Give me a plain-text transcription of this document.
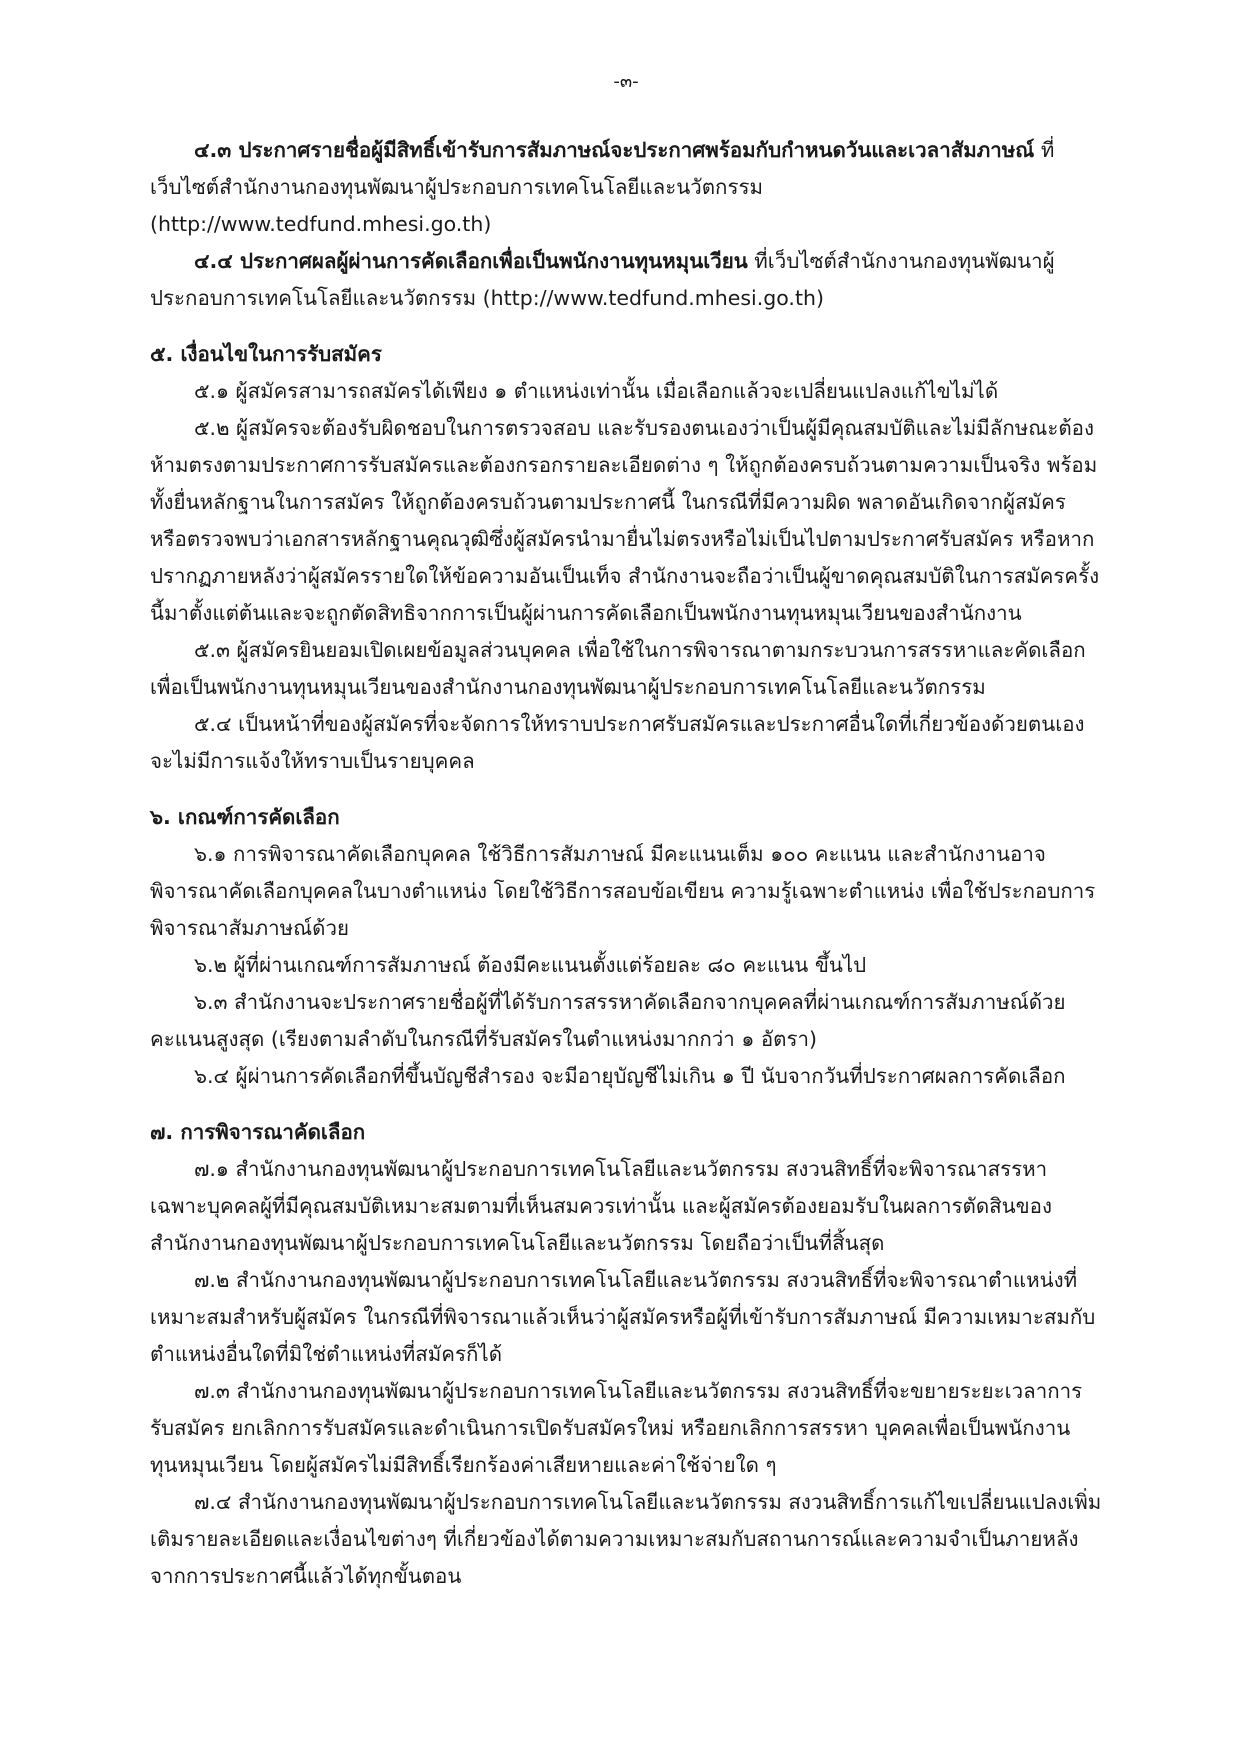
-๓-

๔.๓ ประกาศรายชื่อผู้มีสิทธิ์เข้ารับการสัมภาษณ์จะประกาศพร้อมกับกำหนดวันและเวลาสัมภาษณ์ ที่เว็บไซต์สำนักงานกองทุนพัฒนาผู้ประกอบการเทคโนโลยีและนวัตกรรม (http://www.tedfund.mhesi.go.th)

๔.๔ ประกาศผลผู้ผ่านการคัดเลือกเพื่อเป็นพนักงานทุนหมุนเวียน ที่เว็บไซต์สำนักงานกองทุนพัฒนาผู้ประกอบการเทคโนโลยีและนวัตกรรม (http://www.tedfund.mhesi.go.th)

๕. เงื่อนไขในการรับสมัคร

๕.๑ ผู้สมัครสามารถสมัครได้เพียง ๑ ตำแหน่งเท่านั้น เมื่อเลือกแล้วจะเปลี่ยนแปลงแก้ไขไม่ได้

๕.๒ ผู้สมัครจะต้องรับผิดชอบในการตรวจสอบ และรับรองตนเองว่าเป็นผู้มีคุณสมบัติและไม่มีลักษณะต้องห้ามตรงตามประกาศการรับสมัครและต้องกรอกรายละเอียดต่าง ๆ ให้ถูกต้องครบถ้วนตามความเป็นจริง พร้อมทั้งยื่นหลักฐานในการสมัคร ให้ถูกต้องครบถ้วนตามประกาศนี้ ในกรณีที่มีความผิด พลาดอันเกิดจากผู้สมัคร หรือตรวจพบว่าเอกสารหลักฐานคุณวุฒิซึ่งผู้สมัครนำมายื่นไม่ตรงหรือไม่เป็นไปตามประกาศรับสมัคร หรือหากปรากฏภายหลังว่าผู้สมัครรายใดให้ข้อความอันเป็นเท็จ สำนักงานจะถือว่าเป็นผู้ขาดคุณสมบัติในการสมัครครั้งนี้มาตั้งแต่ต้นและจะถูกตัดสิทธิจากการเป็นผู้ผ่านการคัดเลือกเป็นพนักงานทุนหมุนเวียนของสำนักงาน

๕.๓ ผู้สมัครยินยอมเปิดเผยข้อมูลส่วนบุคคล เพื่อใช้ในการพิจารณาตามกระบวนการสรรหาและคัดเลือกเพื่อเป็นพนักงานทุนหมุนเวียนของสำนักงานกองทุนพัฒนาผู้ประกอบการเทคโนโลยีและนวัตกรรม

๕.๔ เป็นหน้าที่ของผู้สมัครที่จะจัดการให้ทราบประกาศรับสมัครและประกาศอื่นใดที่เกี่ยวข้องด้วยตนเอง จะไม่มีการแจ้งให้ทราบเป็นรายบุคคล

๖. เกณฑ์การคัดเลือก

๖.๑ การพิจารณาคัดเลือกบุคคล ใช้วิธีการสัมภาษณ์ มีคะแนนเต็ม ๑๐๐ คะแนน และสำนักงานอาจพิจารณาคัดเลือกบุคคลในบางตำแหน่ง โดยใช้วิธีการสอบข้อเขียน ความรู้เฉพาะตำแหน่ง เพื่อใช้ประกอบการพิจารณาสัมภาษณ์ด้วย

๖.๒ ผู้ที่ผ่านเกณฑ์การสัมภาษณ์ ต้องมีคะแนนตั้งแต่ร้อยละ ๘๐ คะแนน ขึ้นไป

๖.๓ สำนักงานจะประกาศรายชื่อผู้ที่ได้รับการสรรหาคัดเลือกจากบุคคลที่ผ่านเกณฑ์การสัมภาษณ์ด้วยคะแนนสูงสุด (เรียงตามลำดับในกรณีที่รับสมัครในตำแหน่งมากกว่า ๑ อัตรา)

๖.๔ ผู้ผ่านการคัดเลือกที่ขึ้นบัญชีสำรอง จะมีอายุบัญชีไม่เกิน ๑ ปี นับจากวันที่ประกาศผลการคัดเลือก

๗. การพิจารณาคัดเลือก

๗.๑ สำนักงานกองทุนพัฒนาผู้ประกอบการเทคโนโลยีและนวัตกรรม สงวนสิทธิ์ที่จะพิจารณาสรรหาเฉพาะบุคคลผู้ที่มีคุณสมบัติเหมาะสมตามที่เห็นสมควรเท่านั้น และผู้สมัครต้องยอมรับในผลการตัดสินของสำนักงานกองทุนพัฒนาผู้ประกอบการเทคโนโลยีและนวัตกรรม โดยถือว่าเป็นที่สิ้นสุด

๗.๒ สำนักงานกองทุนพัฒนาผู้ประกอบการเทคโนโลยีและนวัตกรรม สงวนสิทธิ์ที่จะพิจารณาตำแหน่งที่เหมาะสมสำหรับผู้สมัคร ในกรณีที่พิจารณาแล้วเห็นว่าผู้สมัครหรือผู้ที่เข้ารับการสัมภาษณ์ มีความเหมาะสมกับตำแหน่งอื่นใดที่มิใช่ตำแหน่งที่สมัครก็ได้

๗.๓ สำนักงานกองทุนพัฒนาผู้ประกอบการเทคโนโลยีและนวัตกรรม สงวนสิทธิ์ที่จะขยายระยะเวลาการรับสมัคร ยกเลิกการรับสมัครและดำเนินการเปิดรับสมัครใหม่ หรือยกเลิกการสรรหา บุคคลเพื่อเป็นพนักงานทุนหมุนเวียน โดยผู้สมัครไม่มีสิทธิ์เรียกร้องค่าเสียหายและค่าใช้จ่ายใด ๆ

๗.๔ สำนักงานกองทุนพัฒนาผู้ประกอบการเทคโนโลยีและนวัตกรรม สงวนสิทธิ์การแก้ไขเปลี่ยนแปลงเพิ่มเติมรายละเอียดและเงื่อนไขต่างๆ ที่เกี่ยวข้องได้ตามความเหมาะสมกับสถานการณ์และความจำเป็นภายหลังจากการประกาศนี้แล้วได้ทุกขั้นตอน
